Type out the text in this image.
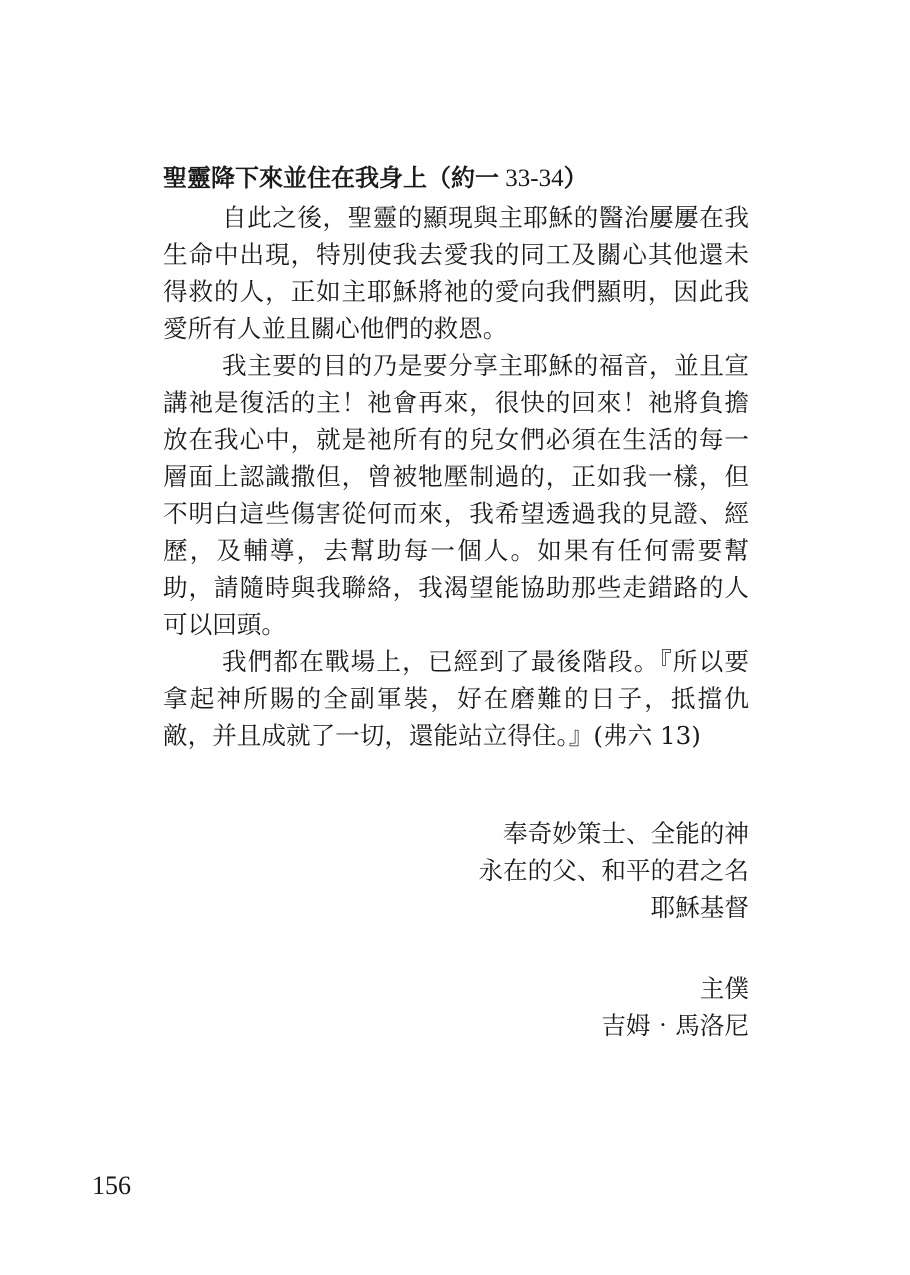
聖靈降下來並住在我身上（約一 33-34）

自此之後，聖靈的顯現與主耶穌的醫治屢屢在我生命中出現，特別使我去愛我的同工及關心其他還未得救的人，正如主耶穌將祂的愛向我們顯明，因此我愛所有人並且關心他們的救恩。

我主要的目的乃是要分享主耶穌的福音，並且宣講祂是復活的主！祂會再來，很快的回來！祂將負擔放在我心中，就是祂所有的兒女們必須在生活的每一層面上認識撒但，曾被牠壓制過的，正如我一樣，但不明白這些傷害從何而來，我希望透過我的見證、經歷，及輔導，去幫助每一個人。如果有任何需要幫助，請隨時與我聯絡，我渴望能協助那些走錯路的人可以回頭。

我們都在戰場上，已經到了最後階段。『所以要拿起神所賜的全副軍裝，好在磨難的日子，抵擋仇敵，并且成就了一切，還能站立得住。』(弗六 13)

奉奇妙策士、全能的神
永在的父、和平的君之名
耶穌基督
主僕
吉姆‧馬洛尼
156
